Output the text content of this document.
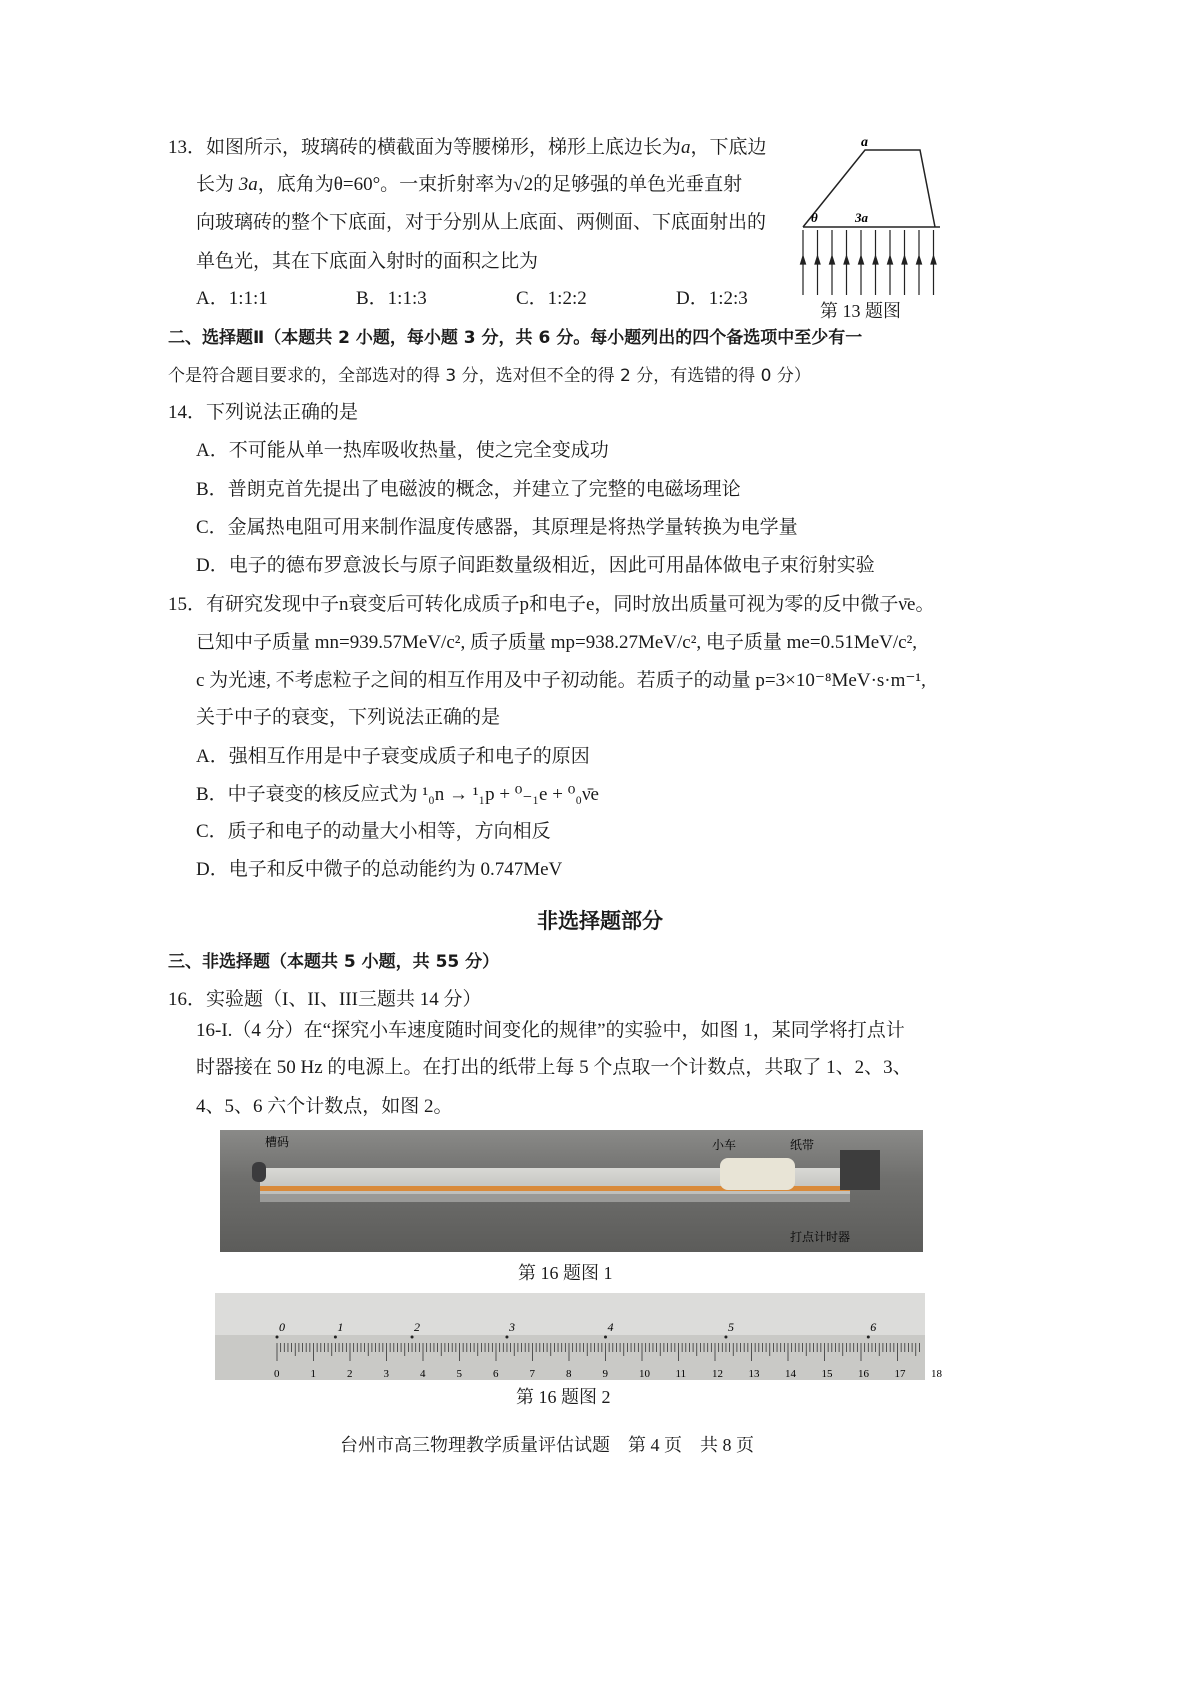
13．如图所示，玻璃砖的横截面为等腰梯形，梯形上底边长为a，下底边
长为 3a，底角为θ=60°。一束折射率为√2的足够强的单色光垂直射
向玻璃砖的整个下底面，对于分别从上底面、两侧面、下底面射出的
单色光，其在下底面入射时的面积之比为
A．1:1:1	B．1:1:3	C．1:2:2	D．1:2:3
a
θ	3a
第 13 题图
二、选择题Ⅱ（本题共 2 小题，每小题 3 分，共 6 分。每小题列出的四个备选项中至少有一
个是符合题目要求的，全部选对的得 3 分，选对但不全的得 2 分，有选错的得 0 分）
14．下列说法正确的是
A．不可能从单一热库吸收热量，使之完全变成功
B．普朗克首先提出了电磁波的概念，并建立了完整的电磁场理论
C．金属热电阻可用来制作温度传感器，其原理是将热学量转换为电学量
D．电子的德布罗意波长与原子间距数量级相近，因此可用晶体做电子束衍射实验
15．有研究发现中子n衰变后可转化成质子p和电子e，同时放出质量可视为零的反中微子ν̄e。
已知中子质量 mn=939.57MeV/c², 质子质量 mp=938.27MeV/c², 电子质量 me=0.51MeV/c²,
c 为光速, 不考虑粒子之间的相互作用及中子初动能。若质子的动量 p=3×10⁻⁸MeV·s·m⁻¹,
关于中子的衰变，下列说法正确的是
A．强相互作用是中子衰变成质子和电子的原因
B．中子衰变的核反应式为 ¹₀n → ¹₁p + ⁰₋₁e + ⁰₀ν̄e
C．质子和电子的动量大小相等，方向相反
D．电子和反中微子的总动能约为 0.747MeV
非选择题部分
三、非选择题（本题共 5 小题，共 55 分）
16．实验题（I、II、III三题共 14 分）
16-I.（4 分）在“探究小车速度随时间变化的规律”的实验中，如图 1，某同学将打点计
时器接在 50 Hz 的电源上。在打出的纸带上每 5 个点取一个计数点，共取了 1、2、3、
4、5、6 六个计数点，如图 2。
槽码	小车	纸带
打点计时器
第 16 题图 1
0	1	2	3	4	5	6	7	8	9	10 11 12 13 14 15 16 17 18
0	1	2	3	4	5	6
第 16 题图 2
台州市高三物理教学质量评估试题　第 4 页　共 8 页
